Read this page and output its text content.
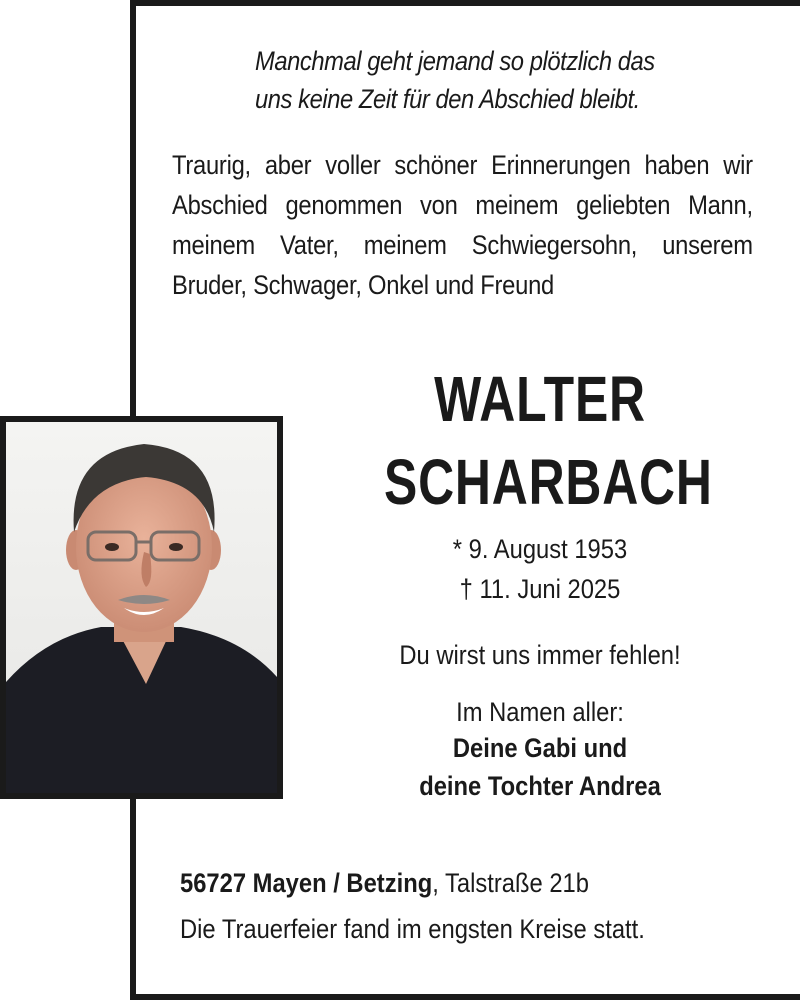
Manchmal geht jemand so plötzlich das
uns keine Zeit für den Abschied bleibt.
Traurig, aber voller schöner Erinnerungen haben wir Abschied genommen von meinem geliebten Mann, meinem Vater, meinem Schwiegersohn, unserem Bruder, Schwager, Onkel und Freund
WALTER
SCHARBACH
* 9. August 1953
† 11. Juni 2025
Du wirst uns immer fehlen!
Im Namen aller:
Deine Gabi und
deine Tochter Andrea
56727 Mayen / Betzing, Talstraße 21b
Die Trauerfeier fand im engsten Kreise statt.
